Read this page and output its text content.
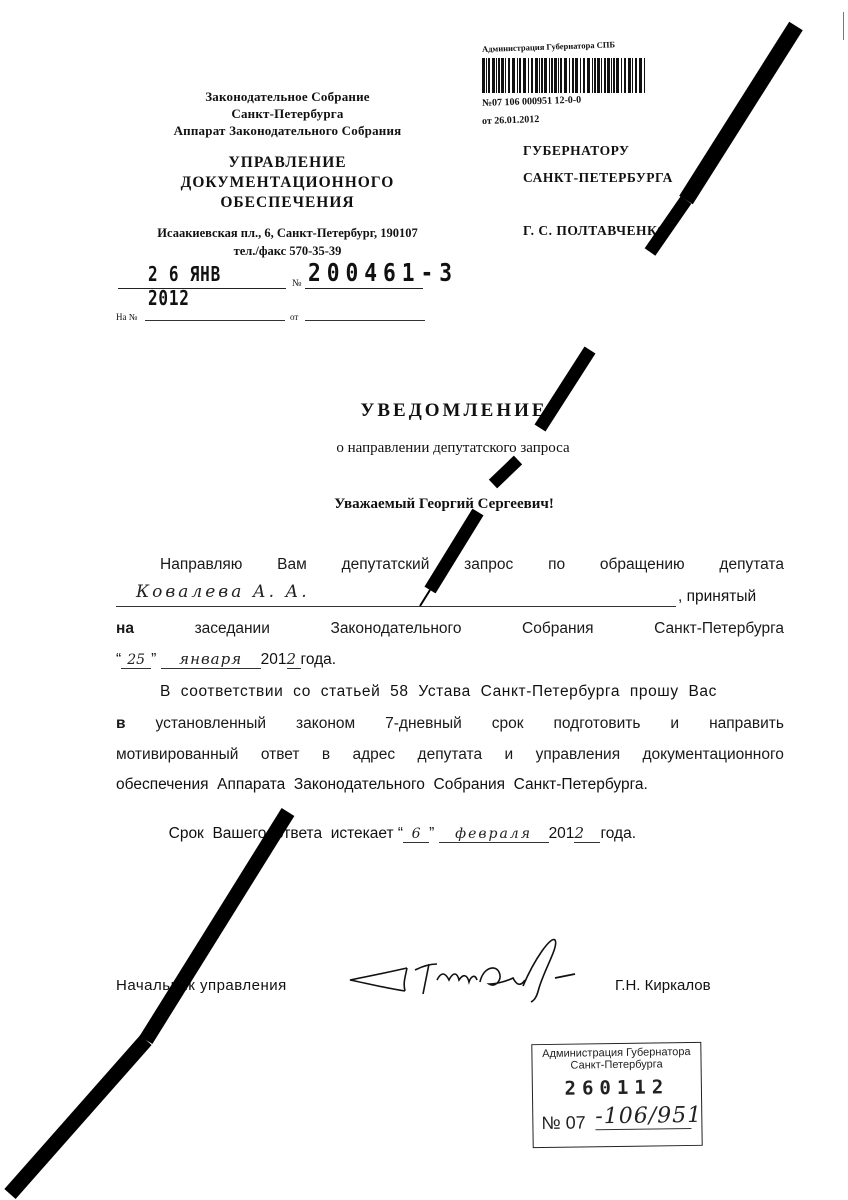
Законодательное Собрание
Санкт-Петербурга
Аппарат Законодательного Собрания
УПРАВЛЕНИЕ
ДОКУМЕНТАЦИОННОГО
ОБЕСПЕЧЕНИЯ
Исаакиевская пл., 6, Санкт-Петербург, 190107
тел./факс 570-35-39
2 6 ЯНВ 2012
№ 200461-3
На №	от
Администрация Губернатора СПБ
№07 106 000951 12-0-0
от 26.01.2012
ГУБЕРНАТОРУ
САНКТ-ПЕТЕРБУРГА
Г. С. ПОЛТАВЧЕНКО
УВЕДОМЛЕНИЕ
о направлении депутатского запроса
Уважаемый Георгий Сергеевич!
Направляю Вам депутатский запрос по обращению депутата
Ковалева А. А.	, принятый
на	заседании	Законодательного	Собрания	Санкт-Петербурга
“ 25 ” января 2012 года.
В  соответствии  со  статьей  58  Устава  Санкт-Петербурга  прошу  Вас
в установленный законом 7-дневный срок подготовить и направить
мотивированный ответ в адрес депутата и управления документационного
обеспечения  Аппарата  Законодательного  Собрания  Санкт-Петербурга.

Срок  Вашего  ответа  истекает “ 6 ” февраля 2012 года.

Начальник управления	Г.Н. Киркалов
Администрация Губернатора
Санкт-Петербурга
260112
№ 07 -106/951
